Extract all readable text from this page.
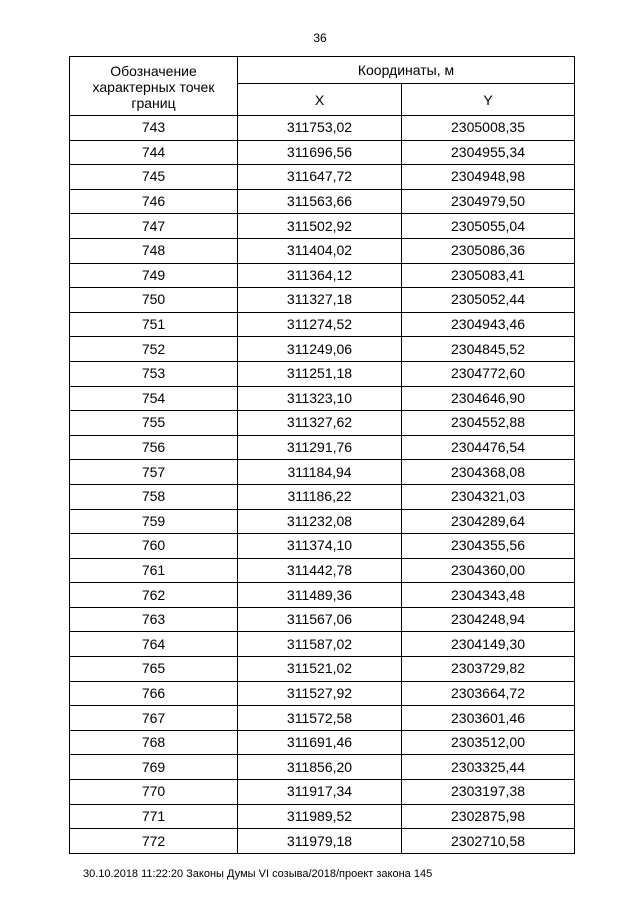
36
Обозначение характерных точек границ	Координаты, м	
	X	Y
743	311753,02	2305008,35
744	311696,56	2304955,34
745	311647,72	2304948,98
746	311563,66	2304979,50
747	311502,92	2305055,04
748	311404,02	2305086,36
749	311364,12	2305083,41
750	311327,18	2305052,44
751	311274,52	2304943,46
752	311249,06	2304845,52
753	311251,18	2304772,60
754	311323,10	2304646,90
755	311327,62	2304552,88
756	311291,76	2304476,54
757	311184,94	2304368,08
758	311186,22	2304321,03
759	311232,08	2304289,64
760	311374,10	2304355,56
761	311442,78	2304360,00
762	311489,36	2304343,48
763	311567,06	2304248,94
764	311587,02	2304149,30
765	311521,02	2303729,82
766	311527,92	2303664,72
767	311572,58	2303601,46
768	311691,46	2303512,00
769	311856,20	2303325,44
770	311917,34	2303197,38
771	311989,52	2302875,98
772	311979,18	2302710,58
30.10.2018 11:22:20 Законы Думы VI созыва/2018/проект закона 145
